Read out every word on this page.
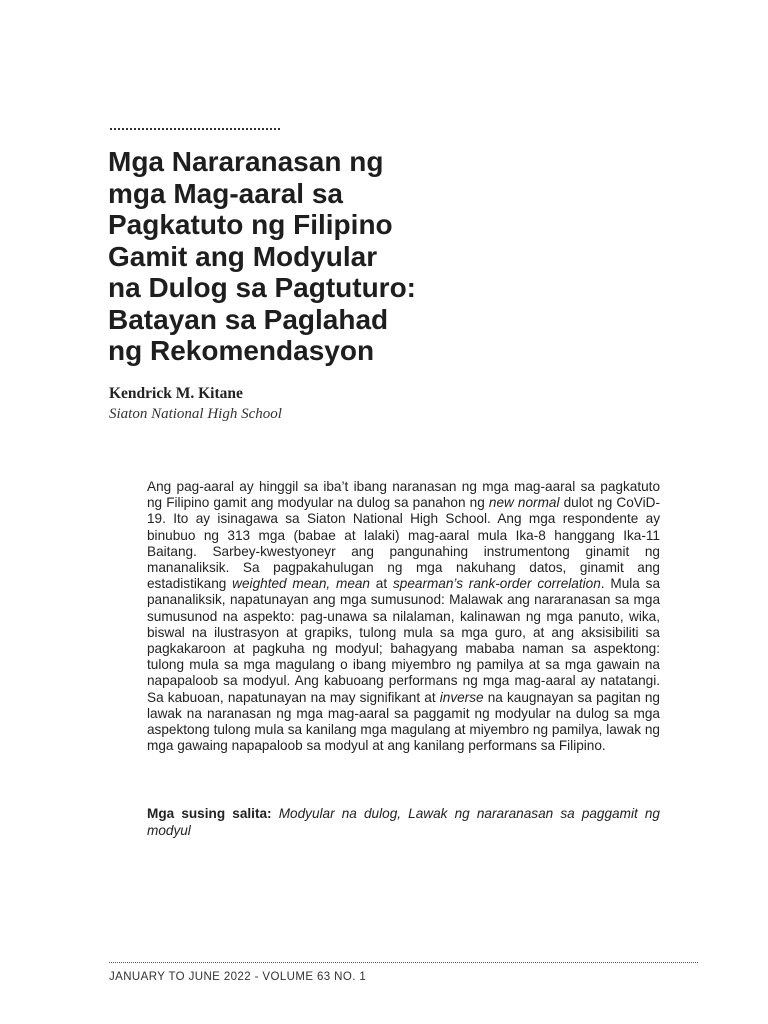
Mga Nararanasan ng
mga Mag-aaral sa
Pagkatuto ng Filipino
Gamit ang Modyular
na Dulog sa Pagtuturo:
Batayan sa Paglahad
ng Rekomendasyon
Kendrick M. Kitane
Siaton National High School

Ang pag-aaral ay hinggil sa iba’t ibang naranasan ng mga mag-aaral sa pagkatuto ng Filipino gamit ang modyular na dulog sa panahon ng new normal dulot ng CoViD-19. Ito ay isinagawa sa Siaton National High School. Ang mga respondente ay binubuo ng 313 mga (babae at lalaki) mag-aaral mula Ika-8 hanggang Ika-11 Baitang. Sarbey-kwestyoneyr ang pangunahing instrumentong ginamit ng mananaliksik. Sa pagpakahulugan ng mga nakuhang datos, ginamit ang estadistikang weighted mean, mean at spearman’s rank-order correlation. Mula sa pananaliksik, napatunayan ang mga sumusunod: Malawak ang nararanasan sa mga sumusunod na aspekto: pag-unawa sa nilalaman, kalinawan ng mga panuto, wika, biswal na ilustrasyon at grapiks, tulong mula sa mga guro, at ang aksisibiliti sa pagkakaroon at pagkuha ng modyul; bahagyang mababa naman sa aspektong: tulong mula sa mga magulang o ibang miyembro ng pamilya at sa mga gawain na napapaloob sa modyul. Ang kabuoang performans ng mga mag-aaral ay natatangi. Sa kabuoan, napatunayan na may signifikant at inverse na kaugnayan sa pagitan ng lawak na naranasan ng mga mag-aaral sa paggamit ng modyular na dulog sa mga aspektong tulong mula sa kanilang mga magulang at miyembro ng pamilya, lawak ng mga gawaing napapaloob sa modyul at ang kanilang performans sa Filipino.

Mga susing salita: Modyular na dulog, Lawak ng nararanasan sa paggamit ng modyul

JANUARY TO JUNE 2022 - VOLUME 63 NO. 1
